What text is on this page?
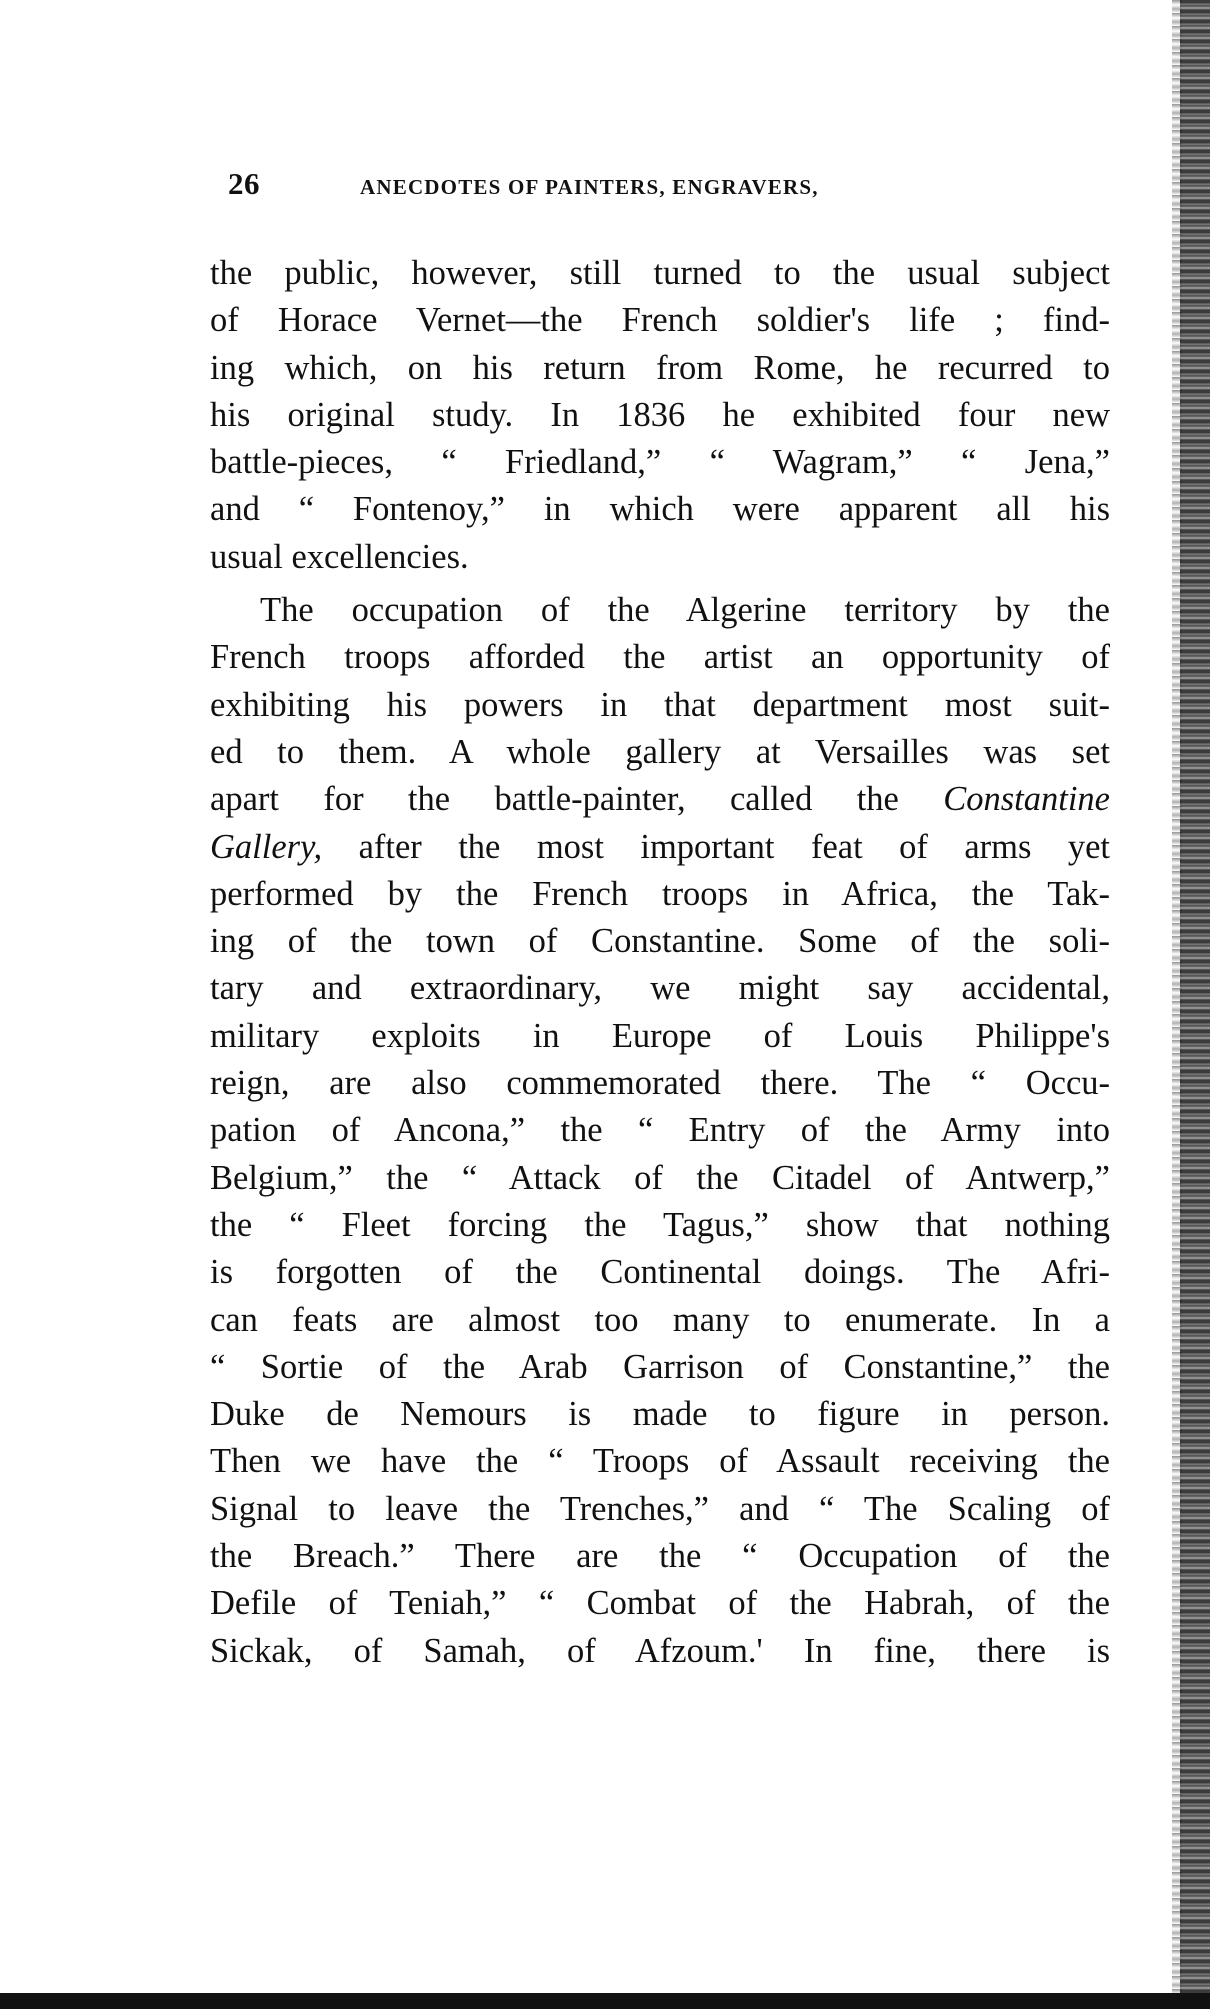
26	ANECDOTES OF PAINTERS, ENGRAVERS,
the public, however, still turned to the usual subject
of Horace Vernet—the French soldier's life ; find-
ing which, on his return from Rome, he recurred to
his original study. In 1836 he exhibited four new
battle-pieces, “ Friedland,” “ Wagram,” “ Jena,”
and “ Fontenoy,” in which were apparent all his
usual excellencies.
The occupation of the Algerine territory by the
French troops afforded the artist an opportunity of
exhibiting his powers in that department most suit-
ed to them. A whole gallery at Versailles was set
apart for the battle-painter, called the Constantine
Gallery, after the most important feat of arms yet
performed by the French troops in Africa, the Tak-
ing of the town of Constantine. Some of the soli-
tary and extraordinary, we might say accidental,
military exploits in Europe of Louis Philippe's
reign, are also commemorated there. The “ Occu-
pation of Ancona,” the “ Entry of the Army into
Belgium,” the “ Attack of the Citadel of Antwerp,”
the “ Fleet forcing the Tagus,” show that nothing
is forgotten of the Continental doings. The Afri-
can feats are almost too many to enumerate. In a
“ Sortie of the Arab Garrison of Constantine,” the
Duke de Nemours is made to figure in person.
Then we have the “ Troops of Assault receiving the
Signal to leave the Trenches,” and “ The Scaling of
the Breach.” There are the “ Occupation of the
Defile of Teniah,” “ Combat of the Habrah, of the
Sickak, of Samah, of Afzoum.' In fine, there is
